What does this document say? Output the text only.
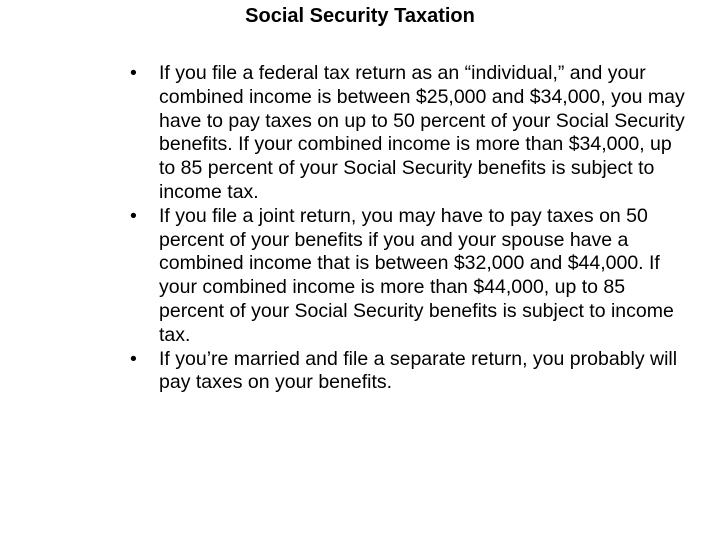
Social Security Taxation
•	If you file a federal tax return as an “individual,” and your combined income is between $25,000 and $34,000, you may have to pay taxes on up to 50 percent of your Social Security benefits. If your combined income is more than $34,000, up to 85 percent of your Social Security benefits is subject to income tax.
•	If you file a joint return, you may have to pay taxes on 50 percent of your benefits if you and your spouse have a combined income that is between $32,000 and $44,000. If your combined income is more than $44,000, up to 85 percent of your Social Security benefits is subject to income tax.
•	If you’re married and file a separate return, you probably will pay taxes on your benefits.
